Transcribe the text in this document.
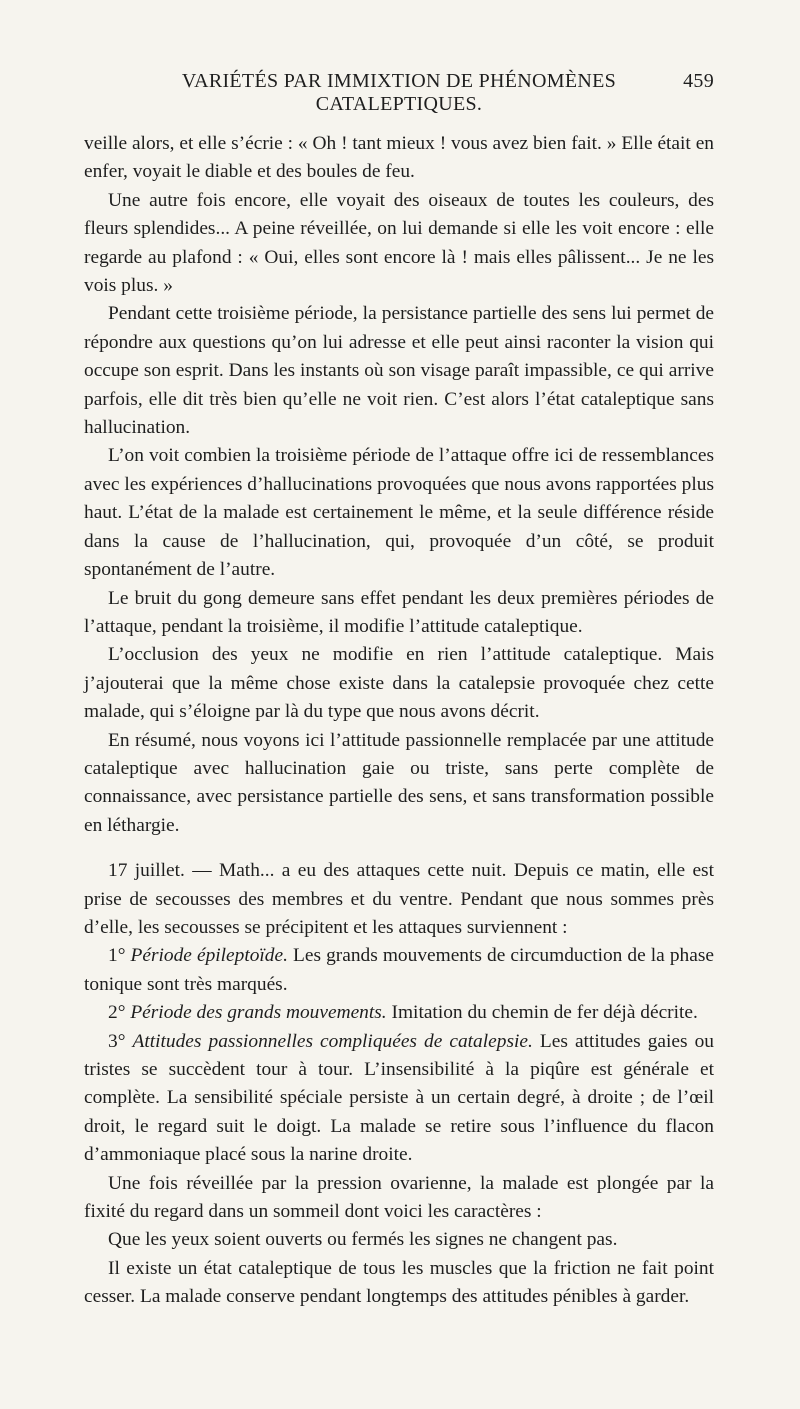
VARIÉTÉS PAR IMMIXTION DE PHÉNOMÈNES CATALEPTIQUES.
459

veille alors, et elle s’écrie : « Oh ! tant mieux ! vous avez bien fait. » Elle était en enfer, voyait le diable et des boules de feu.

Une autre fois encore, elle voyait des oiseaux de toutes les couleurs, des fleurs splendides... A peine réveillée, on lui demande si elle les voit encore : elle regarde au plafond : « Oui, elles sont encore là ! mais elles pâlissent... Je ne les vois plus. »

Pendant cette troisième période, la persistance partielle des sens lui permet de répondre aux questions qu’on lui adresse et elle peut ainsi raconter la vision qui occupe son esprit. Dans les instants où son visage paraît impassible, ce qui arrive parfois, elle dit très bien qu’elle ne voit rien. C’est alors l’état cataleptique sans hallucination.

L’on voit combien la troisième période de l’attaque offre ici de ressemblances avec les expériences d’hallucinations provoquées que nous avons rapportées plus haut. L’état de la malade est certainement le même, et la seule différence réside dans la cause de l’hallucination, qui, provoquée d’un côté, se produit spontanément de l’autre.

Le bruit du gong demeure sans effet pendant les deux premières périodes de l’attaque, pendant la troisième, il modifie l’attitude cataleptique.

L’occlusion des yeux ne modifie en rien l’attitude cataleptique. Mais j’ajouterai que la même chose existe dans la catalepsie provoquée chez cette malade, qui s’éloigne par là du type que nous avons décrit.

En résumé, nous voyons ici l’attitude passionnelle remplacée par une attitude cataleptique avec hallucination gaie ou triste, sans perte complète de connaissance, avec persistance partielle des sens, et sans transformation possible en léthargie.

17 juillet. — Math... a eu des attaques cette nuit. Depuis ce matin, elle est prise de secousses des membres et du ventre. Pendant que nous sommes près d’elle, les secousses se précipitent et les attaques surviennent :

1° Période épileptoïde. Les grands mouvements de circumduction de la phase tonique sont très marqués.

2° Période des grands mouvements. Imitation du chemin de fer déjà décrite.

3° Attitudes passionnelles compliquées de catalepsie. Les attitudes gaies ou tristes se succèdent tour à tour. L’insensibilité à la piqûre est générale et complète. La sensibilité spéciale persiste à un certain degré, à droite ; de l’œil droit, le regard suit le doigt. La malade se retire sous l’influence du flacon d’ammoniaque placé sous la narine droite.

Une fois réveillée par la pression ovarienne, la malade est plongée par la fixité du regard dans un sommeil dont voici les caractères :

Que les yeux soient ouverts ou fermés les signes ne changent pas.

Il existe un état cataleptique de tous les muscles que la friction ne fait point cesser. La malade conserve pendant longtemps des attitudes pénibles à garder.
